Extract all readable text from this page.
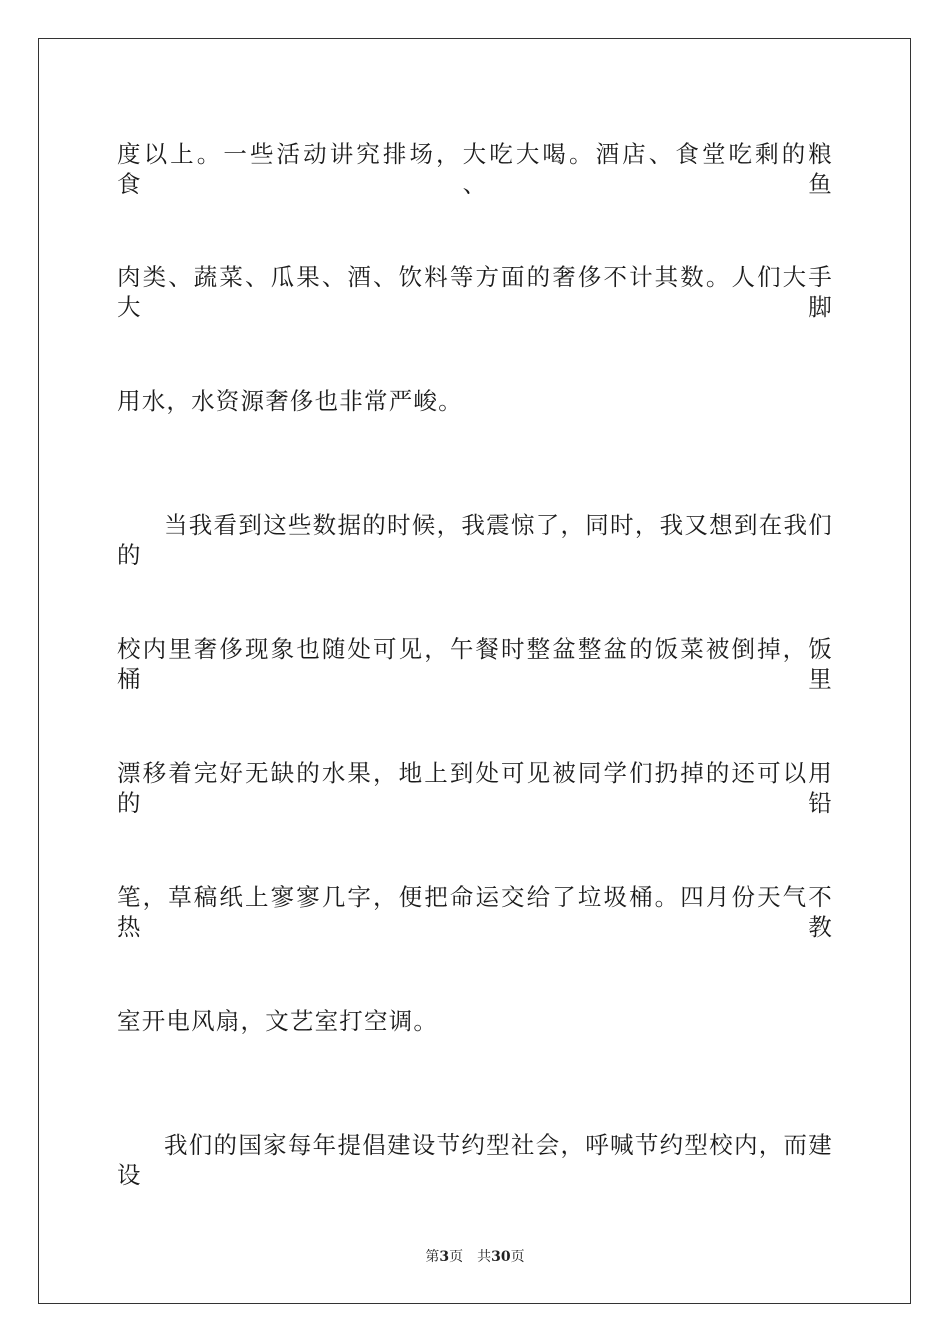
度以上。一些活动讲究排场，大吃大喝。酒店、食堂吃剩的粮食、鱼
肉类、蔬菜、瓜果、酒、饮料等方面的奢侈不计其数。人们大手大脚
用水，水资源奢侈也非常严峻。
当我看到这些数据的时候，我震惊了，同时，我又想到在我们的
校内里奢侈现象也随处可见，午餐时整盆整盆的饭菜被倒掉，饭桶里
漂移着完好无缺的水果，地上到处可见被同学们扔掉的还可以用的铅
笔，草稿纸上寥寥几字，便把命运交给了垃圾桶。四月份天气不热教
室开电风扇，文艺室打空调。
我们的国家每年提倡建设节约型社会，呼喊节约型校内，而建设
第3页 共30页
